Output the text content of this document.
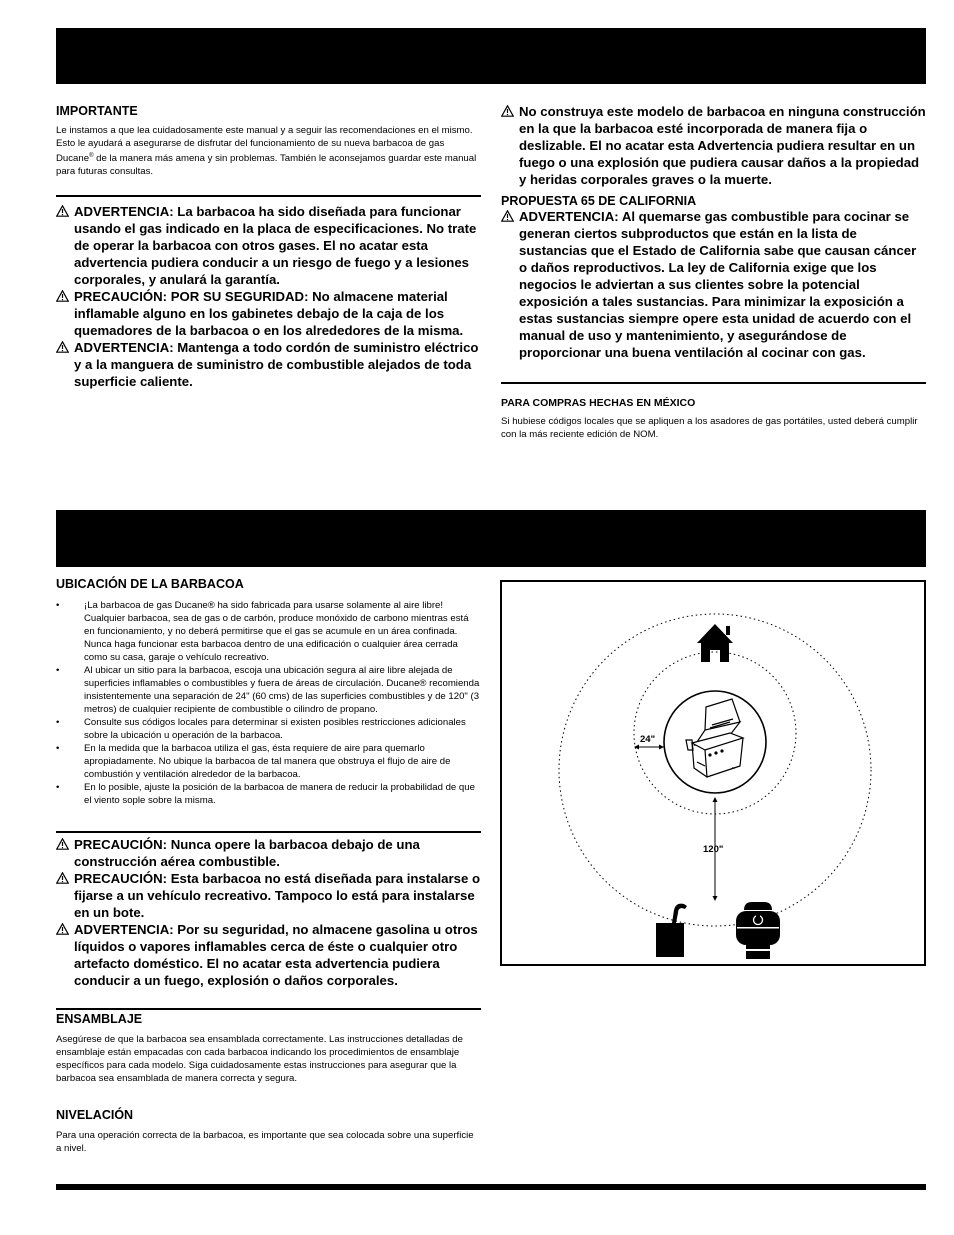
IMPORTANTE

Le instamos a que lea cuidadosamente este manual y a seguir las recomendaciones en el mismo. Esto le ayudará a asegurarse de disfrutar del funcionamiento de su nueva barbacoa de gas Ducane® de la manera más amena y sin problemas. También le aconsejamos guardar este manual para futuras consultas.

ADVERTENCIA: La barbacoa ha sido diseñada para funcionar usando el gas indicado en la placa de especificaciones. No trate de operar la barbacoa con otros gases. El no acatar esta advertencia pudiera conducir a un riesgo de fuego y a lesiones corporales, y anulará la garantía.

PRECAUCIÓN: POR SU SEGURIDAD: No almacene material inflamable alguno en los gabinetes debajo de la caja de los quemadores de la barbacoa o en los alrededores de la misma.

ADVERTENCIA: Mantenga a todo cordón de suministro eléctrico y a la manguera de suministro de combustible alejados de toda superficie caliente.

No construya este modelo de barbacoa en ninguna construcción en la que la barbacoa esté incorporada de manera fija o deslizable. El no acatar esta Advertencia pudiera resultar en un fuego o una explosión que pudiera causar daños a la propiedad y heridas corporales graves o la muerte.

PROPUESTA 65 DE CALIFORNIA

ADVERTENCIA: Al quemarse gas combustible para cocinar se generan ciertos subproductos que están en la lista de sustancias que el Estado de California sabe que causan cáncer o daños reproductivos. La ley de California exige que los negocios le adviertan a sus clientes sobre la potencial exposición a tales sustancias. Para minimizar la exposición a estas sustancias siempre opere esta unidad de acuerdo con el manual de uso y mantenimiento, y asegurándose de proporcionar una buena ventilación al cocinar con gas.

PARA COMPRAS HECHAS EN MÉXICO

Si hubiese códigos locales que se apliquen a los asadores de gas portátiles, usted deberá cumplir con la más reciente edición de NOM.

UBICACIÓN DE LA BARBACOA

• ¡La barbacoa de gas Ducane® ha sido fabricada para usarse solamente al aire libre! Cualquier barbacoa, sea de gas o de carbón, produce monóxido de carbono mientras está en funcionamiento, y no deberá permitirse que el gas se acumule en un área confinada. Nunca haga funcionar esta barbacoa dentro de una edificación o cualquier área cerrada como su casa, garaje o vehículo recreativo.
• Al ubicar un sitio para la barbacoa, escoja una ubicación segura al aire libre alejada de superficies inflamables o combustibles y fuera de áreas de circulación. Ducane® recomienda insistentemente una separación de 24" (60 cms) de las superficies combustibles y de 120" (3 metros) de cualquier recipiente de combustible o cilindro de propano.
• Consulte sus códigos locales para determinar si existen posibles restricciones adicionales sobre la ubicación u operación de la barbacoa.
• En la medida que la barbacoa utiliza el gas, ésta requiere de aire para quemarlo apropiadamente. No ubique la barbacoa de tal manera que obstruya el flujo de aire de combustión y ventilación alrededor de la barbacoa.
• En lo posible, ajuste la posición de la barbacoa de manera de reducir la probabilidad de que el viento sople sobre la misma.

PRECAUCIÓN: Nunca opere la barbacoa debajo de una construcción aérea combustible.

PRECAUCIÓN: Esta barbacoa no está diseñada para instalarse o fijarse a un vehículo recreativo. Tampoco lo está para instalarse en un bote.

ADVERTENCIA: Por su seguridad, no almacene gasolina u otros líquidos o vapores inflamables cerca de éste o cualquier otro artefacto doméstico. El no acatar esta advertencia pudiera conducir a un fuego, explosión o daños corporales.

ENSAMBLAJE

Asegúrese de que la barbacoa sea ensamblada correctamente. Las instrucciones detalladas de ensamblaje están empacadas con cada barbacoa indicando los procedimientos de ensamblaje específicos para cada modelo. Siga cuidadosamente estas instrucciones para asegurar que la barbacoa sea ensamblada de manera correcta y segura.

NIVELACIÓN

Para una operación correcta de la barbacoa, es importante que sea colocada sobre una superficie a nivel.

24"
120"
